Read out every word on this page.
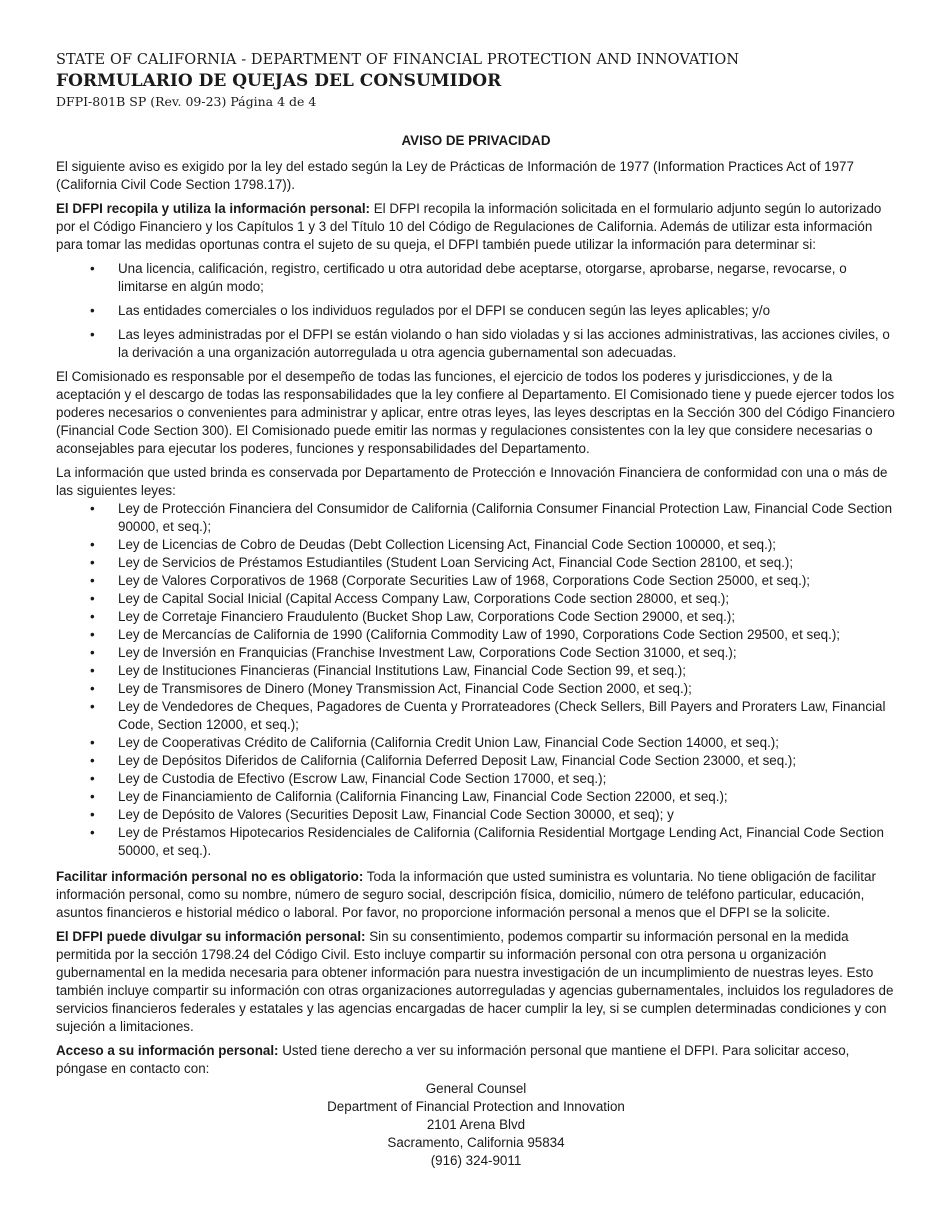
STATE OF CALIFORNIA - DEPARTMENT OF FINANCIAL PROTECTION AND INNOVATION
FORMULARIO DE QUEJAS DEL CONSUMIDOR
DFPI-801B SP (Rev. 09-23) Página 4 de 4
AVISO DE PRIVACIDAD

El siguiente aviso es exigido por la ley del estado según la Ley de Prácticas de Información de 1977 (Information Practices Act of 1977 (California Civil Code Section 1798.17)).

El DFPI recopila y utiliza la información personal: El DFPI recopila la información solicitada en el formulario adjunto según lo autorizado por el Código Financiero y los Capítulos 1 y 3 del Título 10 del Código de Regulaciones de California. Además de utilizar esta información para tomar las medidas oportunas contra el sujeto de su queja, el DFPI también puede utilizar la información para determinar si:

• Una licencia, calificación, registro, certificado u otra autoridad debe aceptarse, otorgarse, aprobarse, negarse, revocarse, o limitarse en algún modo;
• Las entidades comerciales o los individuos regulados por el DFPI se conducen según las leyes aplicables; y/o
• Las leyes administradas por el DFPI se están violando o han sido violadas y si las acciones administrativas, las acciones civiles, o la derivación a una organización autorregulada u otra agencia gubernamental son adecuadas.

El Comisionado es responsable por el desempeño de todas las funciones, el ejercicio de todos los poderes y jurisdicciones, y de la aceptación y el descargo de todas las responsabilidades que la ley confiere al Departamento. El Comisionado tiene y puede ejercer todos los poderes necesarios o convenientes para administrar y aplicar, entre otras leyes, las leyes descriptas en la Sección 300 del Código Financiero (Financial Code Section 300). El Comisionado puede emitir las normas y regulaciones consistentes con la ley que considere necesarias o aconsejables para ejecutar los poderes, funciones y responsabilidades del Departamento.

La información que usted brinda es conservada por Departamento de Protección e Innovación Financiera de conformidad con una o más de las siguientes leyes:

• Ley de Protección Financiera del Consumidor de California (California Consumer Financial Protection Law, Financial Code Section 90000, et seq.);
• Ley de Licencias de Cobro de Deudas (Debt Collection Licensing Act, Financial Code Section 100000, et seq.);
• Ley de Servicios de Préstamos Estudiantiles (Student Loan Servicing Act, Financial Code Section 28100, et seq.);
• Ley de Valores Corporativos de 1968 (Corporate Securities Law of 1968, Corporations Code Section 25000, et seq.);
• Ley de Capital Social Inicial (Capital Access Company Law, Corporations Code section 28000, et seq.);
• Ley de Corretaje Financiero Fraudulento (Bucket Shop Law, Corporations Code Section 29000, et seq.);
• Ley de Mercancías de California de 1990 (California Commodity Law of 1990, Corporations Code Section 29500, et seq.);
• Ley de Inversión en Franquicias (Franchise Investment Law, Corporations Code Section 31000, et seq.);
• Ley de Instituciones Financieras (Financial Institutions Law, Financial Code Section 99, et seq.);
• Ley de Transmisores de Dinero (Money Transmission Act, Financial Code Section 2000, et seq.);
• Ley de Vendedores de Cheques, Pagadores de Cuenta y Prorrateadores (Check Sellers, Bill Payers and Proraters Law, Financial Code, Section 12000, et seq.);
• Ley de Cooperativas Crédito de California (California Credit Union Law, Financial Code Section 14000, et seq.);
• Ley de Depósitos Diferidos de California (California Deferred Deposit Law, Financial Code Section 23000, et seq.);
• Ley de Custodia de Efectivo (Escrow Law, Financial Code Section 17000, et seq.);
• Ley de Financiamiento de California (California Financing Law, Financial Code Section 22000, et seq.);
• Ley de Depósito de Valores (Securities Deposit Law, Financial Code Section 30000, et seq); y
• Ley de Préstamos Hipotecarios Residenciales de California (California Residential Mortgage Lending Act, Financial Code Section 50000, et seq.).

Facilitar información personal no es obligatorio: Toda la información que usted suministra es voluntaria. No tiene obligación de facilitar información personal, como su nombre, número de seguro social, descripción física, domicilio, número de teléfono particular, educación, asuntos financieros e historial médico o laboral. Por favor, no proporcione información personal a menos que el DFPI se la solicite.

El DFPI puede divulgar su información personal: Sin su consentimiento, podemos compartir su información personal en la medida permitida por la sección 1798.24 del Código Civil. Esto incluye compartir su información personal con otra persona u organización gubernamental en la medida necesaria para obtener información para nuestra investigación de un incumplimiento de nuestras leyes. Esto también incluye compartir su información con otras organizaciones autorreguladas y agencias gubernamentales, incluidos los reguladores de servicios financieros federales y estatales y las agencias encargadas de hacer cumplir la ley, si se cumplen determinadas condiciones y con sujeción a limitaciones.

Acceso a su información personal: Usted tiene derecho a ver su información personal que mantiene el DFPI. Para solicitar acceso, póngase en contacto con:

General Counsel
Department of Financial Protection and Innovation
2101 Arena Blvd
Sacramento, California 95834
(916) 324-9011
